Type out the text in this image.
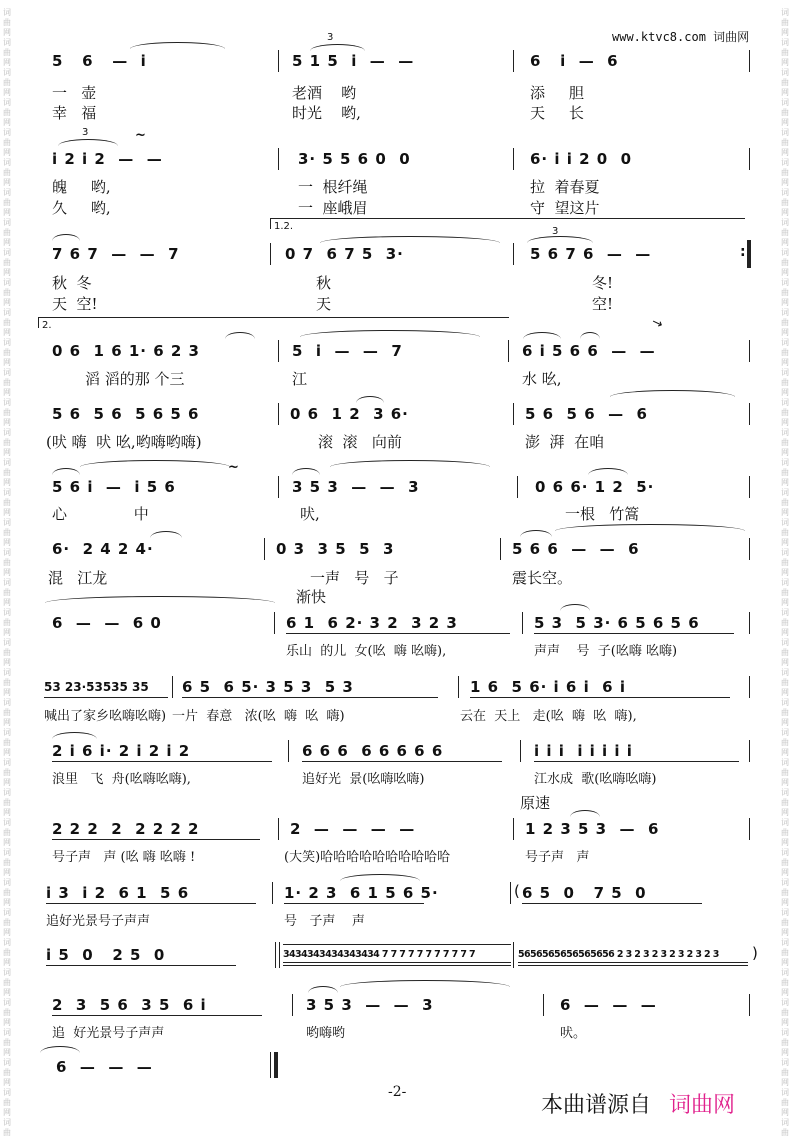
词
曲
网
词
曲
网
词
曲
网
词
曲
网
词
曲
网
词
曲
网
词
曲
网
词
曲
网
词
曲
网
词
曲
网
词
曲
网
词
曲
网
词
曲
网
词
曲
网
词
曲
网
词
曲
网
词
曲
网
词
曲
网
词
曲
网
词
曲
网
词
曲
网
词
曲
网
词
曲
网
词
曲
网
词
曲
网
词
曲
网
词
曲
网
词
曲
网
词
曲
网
词
曲
网
词
曲
网
词
曲
网
词
曲
网
词
曲
网
词
曲
网
词
曲
网
词
曲
网
词
曲
词
曲
网
词
曲
网
词
曲
网
词
曲
网
词
曲
网
词
曲
网
词
曲
网
词
曲
网
词
曲
网
词
曲
网
词
曲
网
词
曲
网
词
曲
网
词
曲
网
词
曲
网
词
曲
网
词
曲
网
词
曲
网
词
曲
网
词
曲
网
词
曲
网
词
曲
网
词
曲
网
词
曲
网
词
曲
网
词
曲
网
词
曲
网
词
曲
网
词
曲
网
词
曲
网
词
曲
网
词
曲
网
词
曲
网
词
曲
网
词
曲
网
词
曲
网
词
曲
网
词
曲
www.ktvc8.com 词曲网
3
5   6   —  i	5 1 5  i  —  —	6   i  —  6
一   壶	老酒    哟	添     胆
幸   福	时光    哟,	天     长
3	~
i 2 i 2  —  —	3· 5 5 6 0  0	6· i i 2 0  0
魄     哟,	一  根纤绳	拉  着春夏
久     哟,	一  座峨眉	守  望这片
1.2.	3
7 6 7  —  —  7	0 7  6 7 5  3·	5 6 7 6  —  —	:
秋  冬	秋	冬!
天  空!	天	空!
2.	↘
0 6  1 6 1· 6 2 3	5  i  —  —  7	6 i 5 6 6  —  —
滔 滔的那 个三	江	水 吆,
5 6  5 6  5 6 5 6	0 6  1 2  3 6·	5 6  5 6  —  6
(吠 嗨  吠 吆,哟嗨哟嗨)	滚  滚   向前	澎  湃  在咱
~
5 6 i  —  i 5 6	3 5 3  —  —  3	0 6 6· 1 2  5·
心              中	吠,	一根   竹篙
6·  2 4 2 4·	0 3  3 5  5  3	5 6 6  —  —  6
混   江龙	一声   号   子	震长空。
渐快
6  —  —  6 0	6 1  6 2· 3 2  3 2 3	5 3  5 3· 6 5 6 5 6
乐山  的儿  女(吆  嗨 吆嗨),	声声    号  子(吆嗨 吆嗨)
53 23·53535 35 6 5  6 5· 3 5 3  5 3	1 6  5 6· i 6 i  6 i
喊出了家乡吆嗨吆嗨) 一片  春意   浓(吆  嗨  吆  嗨)	云在  天上   走(吆  嗨  吆  嗨),
2 i 6 i· 2 i 2 i 2	6 6 6  6 6 6 6 6	i i i  i i i i i
浪里   飞  舟(吆嗨吆嗨),	追好光  景(吆嗨吆嗨)	江水成  歌(吆嗨吆嗨)
原速
2 2 2  2  2 2 2 2	2  —  —  —  —	1 2 3 5 3  —  6
号子声   声 (吆 嗨 吆嗨 !	(大笑)哈哈哈哈哈哈哈哈哈哈	号子声   声
i 3  i 2  6 1  5 6	1· 2 3  6 1 5 6 5·	( 6 5  0   7 5  0
追好光景号子声声	号   子声    声
i 5  0   2 5  0	3434343434343434 7 7 7 7 7 7 7 7 7 7 7	5656565656565656 2 3 2 3 2 3 2 3 2 3 2 3 )
2  3  5 6  3 5  6 i	3 5 3  —  —  3	6  —  —  —
追  好光景号子声声	哟嗨哟	吠。
6  —  —  —
-2-
本曲谱源自 词曲网
